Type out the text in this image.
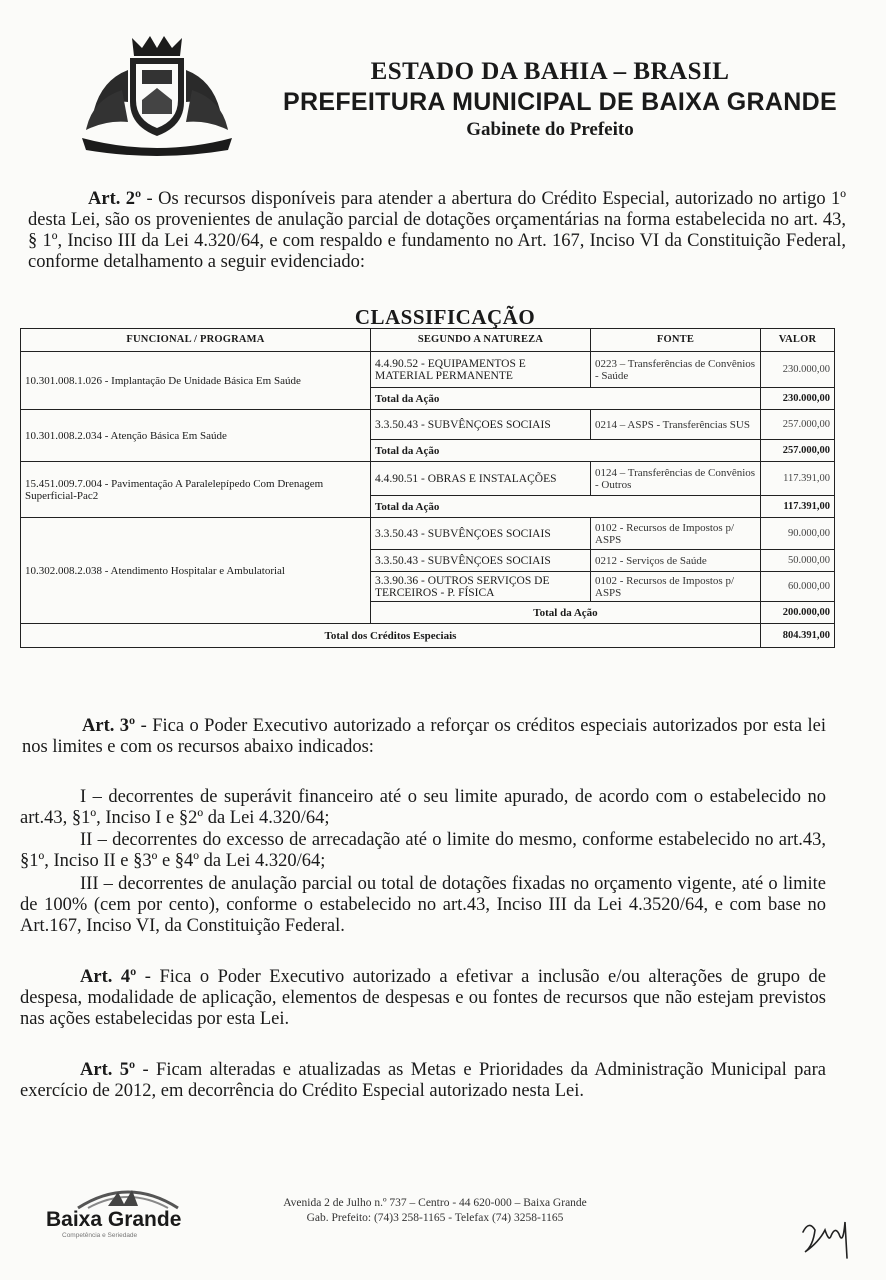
ESTADO DA BAHIA – BRASIL
PREFEITURA MUNICIPAL DE BAIXA GRANDE
Gabinete do Prefeito
Art. 2º - Os recursos disponíveis para atender a abertura do Crédito Especial, autorizado no artigo 1º desta Lei, são os provenientes de anulação parcial de dotações orçamentárias na forma estabelecida no art. 43, § 1º, Inciso III da Lei 4.320/64, e com respaldo e fundamento no Art. 167, Inciso VI da Constituição Federal, conforme detalhamento a seguir evidenciado:
CLASSIFICAÇÃO
FUNCIONAL / PROGRAMA	SEGUNDO A NATUREZA	FONTE	VALOR
10.301.008.1.026 - Implantação De Unidade Básica Em Saúde	4.4.90.52 - EQUIPAMENTOS E MATERIAL PERMANENTE	0223 – Transferências de Convênios - Saúde	230.000,00
	Total da Ação		230.000,00
10.301.008.2.034 - Atenção Básica Em Saúde	3.3.50.43 - SUBVÊNÇOES SOCIAIS	0214 – ASPS - Transferências SUS	257.000,00
	Total da Ação		257.000,00
15.451.009.7.004 - Pavimentação A Paralelepípedo Com Drenagem Superficial-Pac2	4.4.90.51 - OBRAS E INSTALAÇÕES	0124 – Transferências de Convênios - Outros	117.391,00
	Total da Ação		117.391,00
10.302.008.2.038 - Atendimento Hospitalar e Ambulatorial	3.3.50.43 - SUBVÊNÇOES SOCIAIS	0102 - Recursos de Impostos p/ ASPS	90.000,00
	3.3.50.43 - SUBVÊNÇOES SOCIAIS	0212 - Serviços de Saúde	50.000,00
	3.3.90.36 - OUTROS SERVIÇOS DE TERCEIROS - P. FÍSICA	0102 - Recursos de Impostos p/ ASPS	60.000,00
	Total da Ação		200.000,00
Total dos Créditos Especiais			804.391,00
Art. 3º - Fica o Poder Executivo autorizado a reforçar os créditos especiais autorizados por esta lei nos limites e com os recursos abaixo indicados:
I – decorrentes de superávit financeiro até o seu limite apurado, de acordo com o estabelecido no art.43, §1º, Inciso I e §2º da Lei 4.320/64;
II – decorrentes do excesso de arrecadação até o limite do mesmo, conforme estabelecido no art.43, §1º, Inciso II e §3º e §4º da Lei 4.320/64;
III – decorrentes de anulação parcial ou total de dotações fixadas no orçamento vigente, até o limite de 100% (cem por cento), conforme o estabelecido no art.43, Inciso III da Lei 4.3520/64, e com base no Art.167, Inciso VI, da Constituição Federal.
Art. 4º - Fica o Poder Executivo autorizado a efetivar a inclusão e/ou alterações de grupo de despesa, modalidade de aplicação, elementos de despesas e ou fontes de recursos que não estejam previstos nas ações estabelecidas por esta Lei.
Art. 5º - Ficam alteradas e atualizadas as Metas e Prioridades da Administração Municipal para exercício de 2012, em decorrência do Crédito Especial autorizado nesta Lei.
Baixa Grande
Competência e Seriedade
Avenida 2 de Julho n.º 737 – Centro - 44 620-000 – Baixa Grande
Gab. Prefeito: (74)3 258-1165 - Telefax (74) 3258-1165
